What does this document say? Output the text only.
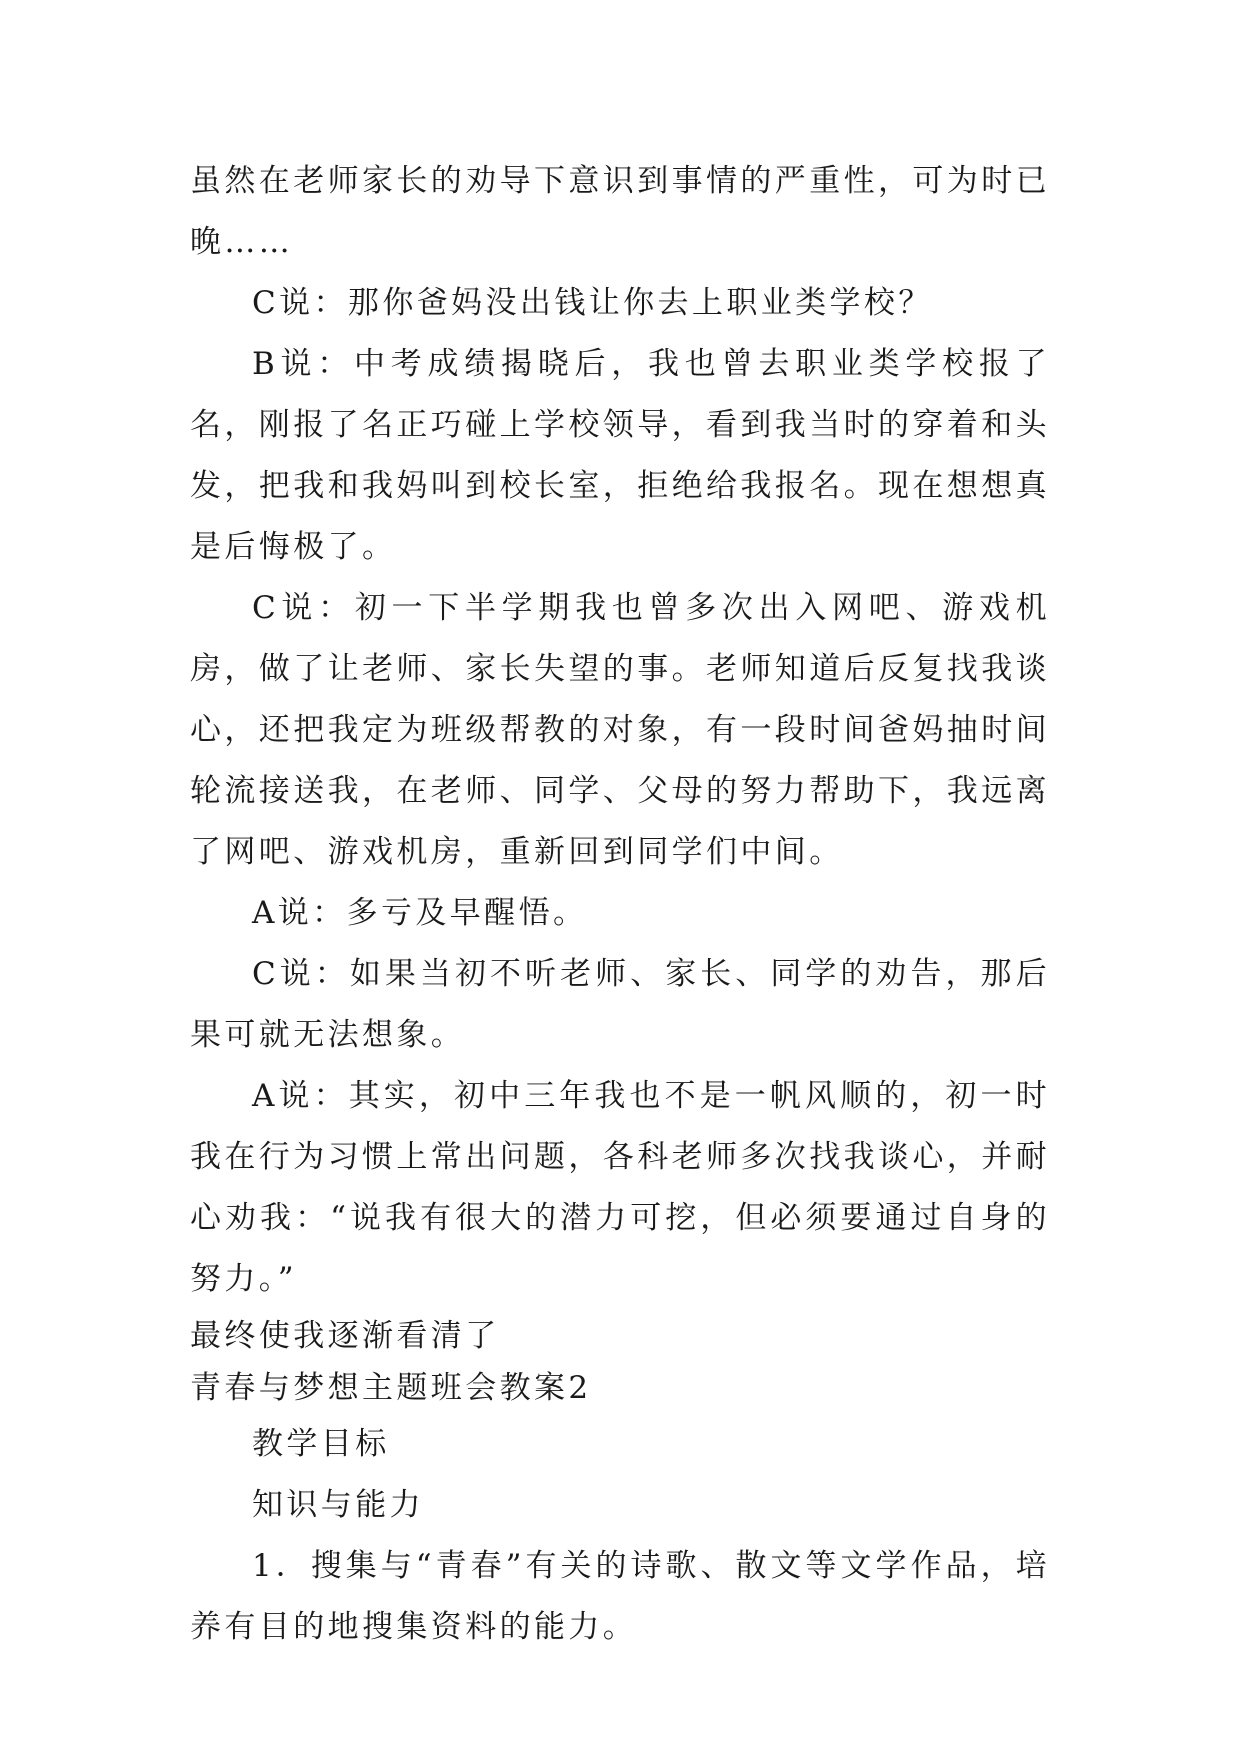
虽然在老师家长的劝导下意识到事情的严重性，可为时已晚……

C说：那你爸妈没出钱让你去上职业类学校？

B说：中考成绩揭晓后，我也曾去职业类学校报了名，刚报了名正巧碰上学校领导，看到我当时的穿着和头发，把我和我妈叫到校长室，拒绝给我报名。现在想想真是后悔极了。

C说：初一下半学期我也曾多次出入网吧、游戏机房，做了让老师、家长失望的事。老师知道后反复找我谈心，还把我定为班级帮教的对象，有一段时间爸妈抽时间轮流接送我，在老师、同学、父母的努力帮助下，我远离了网吧、游戏机房，重新回到同学们中间。

A说：多亏及早醒悟。

C说：如果当初不听老师、家长、同学的劝告，那后果可就无法想象。

A说：其实，初中三年我也不是一帆风顺的，初一时我在行为习惯上常出问题，各科老师多次找我谈心，并耐心劝我：“说我有很大的潜力可挖，但必须要通过自身的努力。”

最终使我逐渐看清了

青春与梦想主题班会教案2

教学目标

知识与能力

1．搜集与“青春”有关的诗歌、散文等文学作品，培养有目的地搜集资料的能力。
